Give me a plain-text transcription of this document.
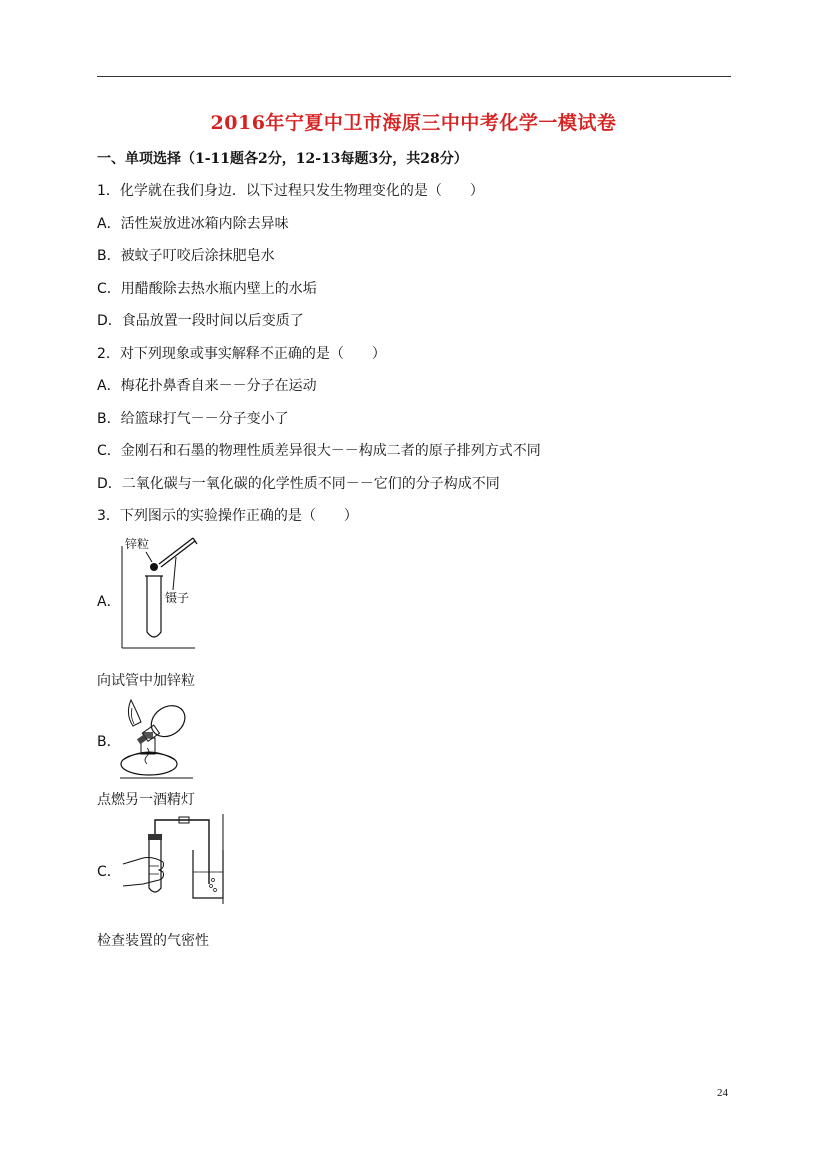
2016年宁夏中卫市海原三中中考化学一模试卷
一、单项选择（1-11题各2分，12-13每题3分，共28分）
1．化学就在我们身边．以下过程只发生物理变化的是（　　）
A．活性炭放进冰箱内除去异味
B．被蚊子叮咬后涂抹肥皂水
C．用醋酸除去热水瓶内壁上的水垢
D．食品放置一段时间以后变质了
2．对下列现象或事实解释不正确的是（　　）
A．梅花扑鼻香自来－－分子在运动
B．给篮球打气－－分子变小了
C．金刚石和石墨的物理性质差异很大－－构成二者的原子排列方式不同
D．二氧化碳与一氧化碳的化学性质不同－－它们的分子构成不同
3．下列图示的实验操作正确的是（　　）
A．
锌粒
镊子
向试管中加锌粒
B．
点燃另一酒精灯
C．
检查装置的气密性
24
